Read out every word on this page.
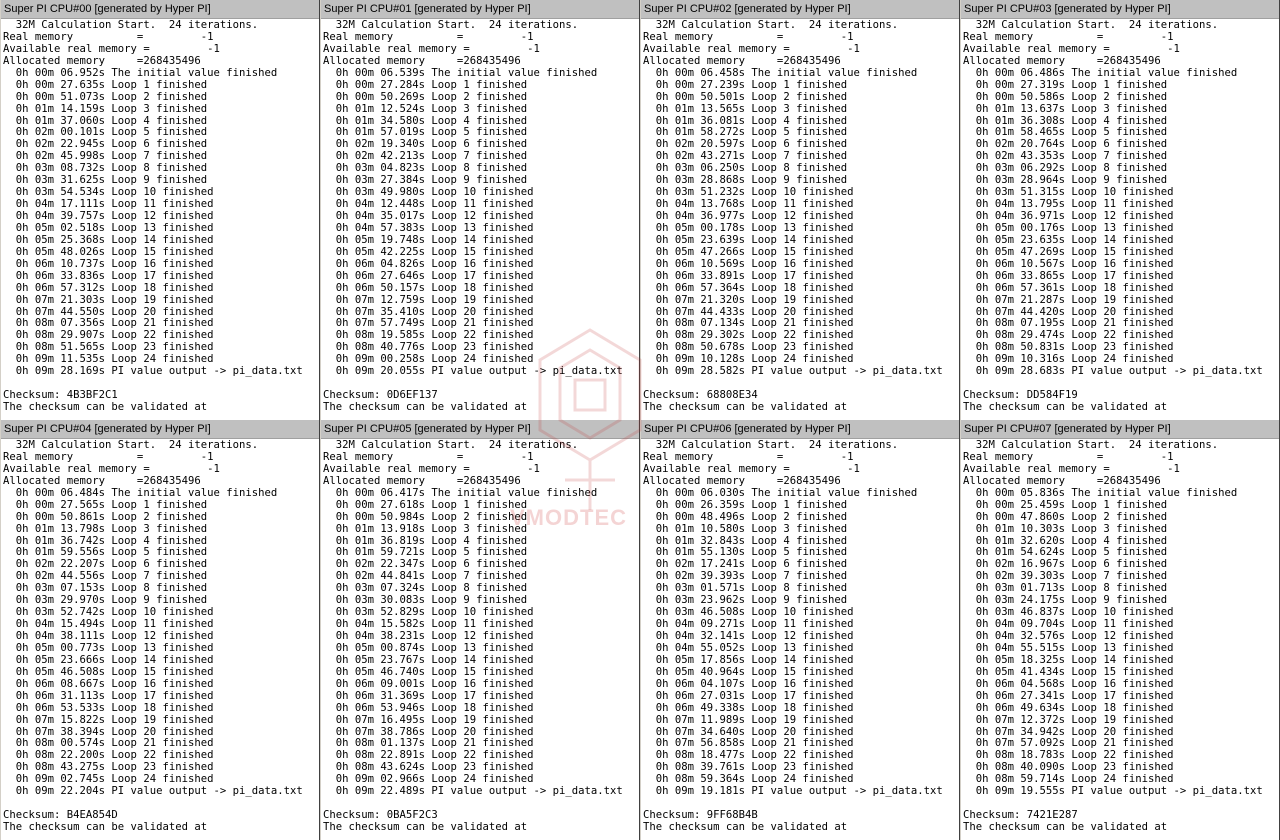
Super PI CPU#00 [generated by Hyper PI]
32M Calculation Start.  24 iterations.
Real memory          =         -1
Available real memory =         -1
Allocated memory     =268435496
0h 00m 06.952s The initial value finished
0h 00m 27.635s Loop 1 finished
0h 00m 51.073s Loop 2 finished
0h 01m 14.159s Loop 3 finished
0h 01m 37.060s Loop 4 finished
0h 02m 00.101s Loop 5 finished
0h 02m 22.945s Loop 6 finished
0h 02m 45.998s Loop 7 finished
0h 03m 08.732s Loop 8 finished
0h 03m 31.625s Loop 9 finished
0h 03m 54.534s Loop 10 finished
0h 04m 17.111s Loop 11 finished
0h 04m 39.757s Loop 12 finished
0h 05m 02.518s Loop 13 finished
0h 05m 25.368s Loop 14 finished
0h 05m 48.026s Loop 15 finished
0h 06m 10.737s Loop 16 finished
0h 06m 33.836s Loop 17 finished
0h 06m 57.312s Loop 18 finished
0h 07m 21.303s Loop 19 finished
0h 07m 44.550s Loop 20 finished
0h 08m 07.356s Loop 21 finished
0h 08m 29.907s Loop 22 finished
0h 08m 51.565s Loop 23 finished
0h 09m 11.535s Loop 24 finished
0h 09m 28.169s PI value output -> pi_data.txt
Checksum: 4B3BF2C1
The checksum can be validated at
Super PI CPU#01 [generated by Hyper PI]
32M Calculation Start.  24 iterations.
Real memory          =         -1
Available real memory =         -1
Allocated memory     =268435496
0h 00m 06.539s The initial value finished
0h 00m 27.284s Loop 1 finished
0h 00m 50.269s Loop 2 finished
0h 01m 12.524s Loop 3 finished
0h 01m 34.580s Loop 4 finished
0h 01m 57.019s Loop 5 finished
0h 02m 19.340s Loop 6 finished
0h 02m 42.213s Loop 7 finished
0h 03m 04.823s Loop 8 finished
0h 03m 27.384s Loop 9 finished
0h 03m 49.980s Loop 10 finished
0h 04m 12.448s Loop 11 finished
0h 04m 35.017s Loop 12 finished
0h 04m 57.383s Loop 13 finished
0h 05m 19.748s Loop 14 finished
0h 05m 42.225s Loop 15 finished
0h 06m 04.826s Loop 16 finished
0h 06m 27.646s Loop 17 finished
0h 06m 50.157s Loop 18 finished
0h 07m 12.759s Loop 19 finished
0h 07m 35.410s Loop 20 finished
0h 07m 57.749s Loop 21 finished
0h 08m 19.585s Loop 22 finished
0h 08m 40.776s Loop 23 finished
0h 09m 00.258s Loop 24 finished
0h 09m 20.055s PI value output -> pi_data.txt
Checksum: 0D6EF137
The checksum can be validated at
Super PI CPU#02 [generated by Hyper PI]
32M Calculation Start.  24 iterations.
Real memory          =         -1
Available real memory =         -1
Allocated memory     =268435496
0h 00m 06.458s The initial value finished
0h 00m 27.239s Loop 1 finished
0h 00m 50.501s Loop 2 finished
0h 01m 13.565s Loop 3 finished
0h 01m 36.081s Loop 4 finished
0h 01m 58.272s Loop 5 finished
0h 02m 20.597s Loop 6 finished
0h 02m 43.271s Loop 7 finished
0h 03m 06.250s Loop 8 finished
0h 03m 28.868s Loop 9 finished
0h 03m 51.232s Loop 10 finished
0h 04m 13.768s Loop 11 finished
0h 04m 36.977s Loop 12 finished
0h 05m 00.178s Loop 13 finished
0h 05m 23.639s Loop 14 finished
0h 05m 47.266s Loop 15 finished
0h 06m 10.569s Loop 16 finished
0h 06m 33.891s Loop 17 finished
0h 06m 57.364s Loop 18 finished
0h 07m 21.320s Loop 19 finished
0h 07m 44.433s Loop 20 finished
0h 08m 07.134s Loop 21 finished
0h 08m 29.302s Loop 22 finished
0h 08m 50.678s Loop 23 finished
0h 09m 10.128s Loop 24 finished
0h 09m 28.582s PI value output -> pi_data.txt
Checksum: 68808E34
The checksum can be validated at
Super PI CPU#03 [generated by Hyper PI]
32M Calculation Start.  24 iterations.
Real memory          =         -1
Available real memory =         -1
Allocated memory     =268435496
0h 00m 06.486s The initial value finished
0h 00m 27.319s Loop 1 finished
0h 00m 50.586s Loop 2 finished
0h 01m 13.637s Loop 3 finished
0h 01m 36.308s Loop 4 finished
0h 01m 58.465s Loop 5 finished
0h 02m 20.764s Loop 6 finished
0h 02m 43.353s Loop 7 finished
0h 03m 06.292s Loop 8 finished
0h 03m 28.964s Loop 9 finished
0h 03m 51.315s Loop 10 finished
0h 04m 13.795s Loop 11 finished
0h 04m 36.971s Loop 12 finished
0h 05m 00.176s Loop 13 finished
0h 05m 23.635s Loop 14 finished
0h 05m 47.269s Loop 15 finished
0h 06m 10.567s Loop 16 finished
0h 06m 33.865s Loop 17 finished
0h 06m 57.361s Loop 18 finished
0h 07m 21.287s Loop 19 finished
0h 07m 44.420s Loop 20 finished
0h 08m 07.195s Loop 21 finished
0h 08m 29.474s Loop 22 finished
0h 08m 50.831s Loop 23 finished
0h 09m 10.316s Loop 24 finished
0h 09m 28.683s PI value output -> pi_data.txt
Checksum: DD584F19
The checksum can be validated at
Super PI CPU#04 [generated by Hyper PI]
32M Calculation Start.  24 iterations.
Real memory          =         -1
Available real memory =         -1
Allocated memory     =268435496
0h 00m 06.484s The initial value finished
0h 00m 27.565s Loop 1 finished
0h 00m 50.861s Loop 2 finished
0h 01m 13.798s Loop 3 finished
0h 01m 36.742s Loop 4 finished
0h 01m 59.556s Loop 5 finished
0h 02m 22.207s Loop 6 finished
0h 02m 44.556s Loop 7 finished
0h 03m 07.153s Loop 8 finished
0h 03m 29.970s Loop 9 finished
0h 03m 52.742s Loop 10 finished
0h 04m 15.494s Loop 11 finished
0h 04m 38.111s Loop 12 finished
0h 05m 00.773s Loop 13 finished
0h 05m 23.666s Loop 14 finished
0h 05m 46.508s Loop 15 finished
0h 06m 08.667s Loop 16 finished
0h 06m 31.113s Loop 17 finished
0h 06m 53.533s Loop 18 finished
0h 07m 15.822s Loop 19 finished
0h 07m 38.394s Loop 20 finished
0h 08m 00.574s Loop 21 finished
0h 08m 22.200s Loop 22 finished
0h 08m 43.275s Loop 23 finished
0h 09m 02.745s Loop 24 finished
0h 09m 22.204s PI value output -> pi_data.txt
Checksum: B4EA854D
The checksum can be validated at
Super PI CPU#05 [generated by Hyper PI]
32M Calculation Start.  24 iterations.
Real memory          =         -1
Available real memory =         -1
Allocated memory     =268435496
0h 00m 06.417s The initial value finished
0h 00m 27.618s Loop 1 finished
0h 00m 50.984s Loop 2 finished
0h 01m 13.918s Loop 3 finished
0h 01m 36.819s Loop 4 finished
0h 01m 59.721s Loop 5 finished
0h 02m 22.347s Loop 6 finished
0h 02m 44.841s Loop 7 finished
0h 03m 07.324s Loop 8 finished
0h 03m 30.083s Loop 9 finished
0h 03m 52.829s Loop 10 finished
0h 04m 15.582s Loop 11 finished
0h 04m 38.231s Loop 12 finished
0h 05m 00.874s Loop 13 finished
0h 05m 23.767s Loop 14 finished
0h 05m 46.740s Loop 15 finished
0h 06m 09.001s Loop 16 finished
0h 06m 31.369s Loop 17 finished
0h 06m 53.946s Loop 18 finished
0h 07m 16.495s Loop 19 finished
0h 07m 38.786s Loop 20 finished
0h 08m 01.137s Loop 21 finished
0h 08m 22.891s Loop 22 finished
0h 08m 43.624s Loop 23 finished
0h 09m 02.966s Loop 24 finished
0h 09m 22.489s PI value output -> pi_data.txt
Checksum: 0BA5F2C3
The checksum can be validated at
Super PI CPU#06 [generated by Hyper PI]
32M Calculation Start.  24 iterations.
Real memory          =         -1
Available real memory =         -1
Allocated memory     =268435496
0h 00m 06.030s The initial value finished
0h 00m 26.359s Loop 1 finished
0h 00m 48.496s Loop 2 finished
0h 01m 10.580s Loop 3 finished
0h 01m 32.843s Loop 4 finished
0h 01m 55.130s Loop 5 finished
0h 02m 17.241s Loop 6 finished
0h 02m 39.393s Loop 7 finished
0h 03m 01.571s Loop 8 finished
0h 03m 23.962s Loop 9 finished
0h 03m 46.508s Loop 10 finished
0h 04m 09.271s Loop 11 finished
0h 04m 32.141s Loop 12 finished
0h 04m 55.052s Loop 13 finished
0h 05m 17.856s Loop 14 finished
0h 05m 40.964s Loop 15 finished
0h 06m 04.107s Loop 16 finished
0h 06m 27.031s Loop 17 finished
0h 06m 49.338s Loop 18 finished
0h 07m 11.989s Loop 19 finished
0h 07m 34.640s Loop 20 finished
0h 07m 56.858s Loop 21 finished
0h 08m 18.477s Loop 22 finished
0h 08m 39.761s Loop 23 finished
0h 08m 59.364s Loop 24 finished
0h 09m 19.181s PI value output -> pi_data.txt
Checksum: 9FF68B4B
The checksum can be validated at
Super PI CPU#07 [generated by Hyper PI]
32M Calculation Start.  24 iterations.
Real memory          =         -1
Available real memory =         -1
Allocated memory     =268435496
0h 00m 05.836s The initial value finished
0h 00m 25.459s Loop 1 finished
0h 00m 47.860s Loop 2 finished
0h 01m 10.303s Loop 3 finished
0h 01m 32.620s Loop 4 finished
0h 01m 54.624s Loop 5 finished
0h 02m 16.967s Loop 6 finished
0h 02m 39.303s Loop 7 finished
0h 03m 01.713s Loop 8 finished
0h 03m 24.175s Loop 9 finished
0h 03m 46.837s Loop 10 finished
0h 04m 09.704s Loop 11 finished
0h 04m 32.576s Loop 12 finished
0h 04m 55.515s Loop 13 finished
0h 05m 18.325s Loop 14 finished
0h 05m 41.434s Loop 15 finished
0h 06m 04.568s Loop 16 finished
0h 06m 27.341s Loop 17 finished
0h 06m 49.634s Loop 18 finished
0h 07m 12.372s Loop 19 finished
0h 07m 34.942s Loop 20 finished
0h 07m 57.092s Loop 21 finished
0h 08m 18.783s Loop 22 finished
0h 08m 40.090s Loop 23 finished
0h 08m 59.714s Loop 24 finished
0h 09m 19.555s PI value output -> pi_data.txt
Checksum: 7421E287
The checksum can be validated at
VMODTEC
